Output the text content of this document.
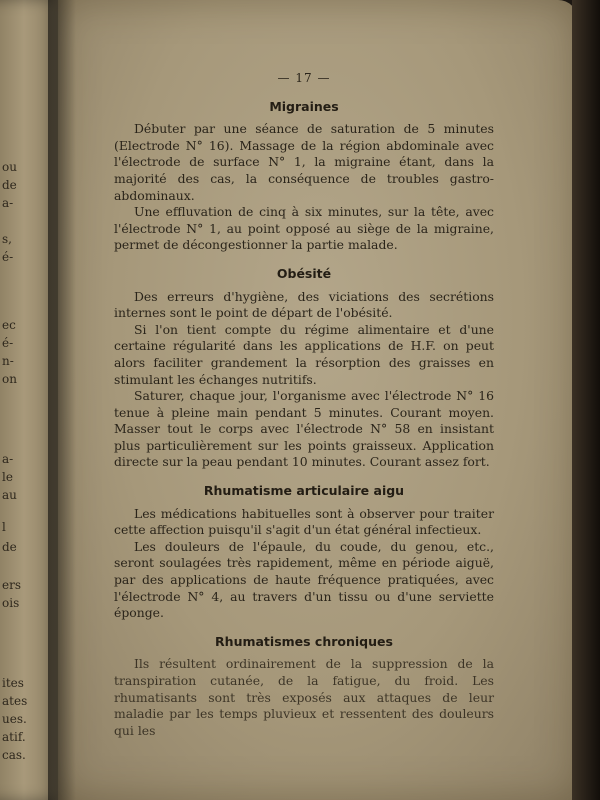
ou
de
a-
s,
é-
ec
é-
n-
on
a-
le
au
l
de
ers
ois
ites
ates
ues.
atif.
cas.
— 17 —
Migraines

Débuter par une séance de saturation de 5 minutes (Electrode N° 16). Massage de la région abdominale avec l'électrode de surface N° 1, la migraine étant, dans la majorité des cas, la conséquence de troubles gastro-abdominaux.

Une effluvation de cinq à six minutes, sur la tête, avec l'électrode N° 1, au point opposé au siège de la migraine, permet de décongestionner la partie malade.

Obésité

Des erreurs d'hygiène, des viciations des secrétions internes sont le point de départ de l'obésité.

Si l'on tient compte du régime alimentaire et d'une certaine régularité dans les applications de H.F. on peut alors faciliter grandement la résorption des graisses en stimulant les échanges nutritifs.

Saturer, chaque jour, l'organisme avec l'électrode N° 16 tenue à pleine main pendant 5 minutes. Courant moyen. Masser tout le corps avec l'électrode N° 58 en insistant plus particulièrement sur les points graisseux. Application directe sur la peau pendant 10 minutes. Courant assez fort.

Rhumatisme articulaire aigu

Les médications habituelles sont à observer pour traiter cette affection puisqu'il s'agit d'un état général infectieux.

Les douleurs de l'épaule, du coude, du genou, etc., seront soulagées très rapidement, même en période aiguë, par des applications de haute fréquence pratiquées, avec l'électrode N° 4, au travers d'un tissu ou d'une serviette éponge.

Rhumatismes chroniques

Ils résultent ordinairement de la suppression de la transpiration cutanée, de la fatigue, du froid. Les rhumatisants sont très exposés aux attaques de leur maladie par les temps pluvieux et ressentent des douleurs qui les
